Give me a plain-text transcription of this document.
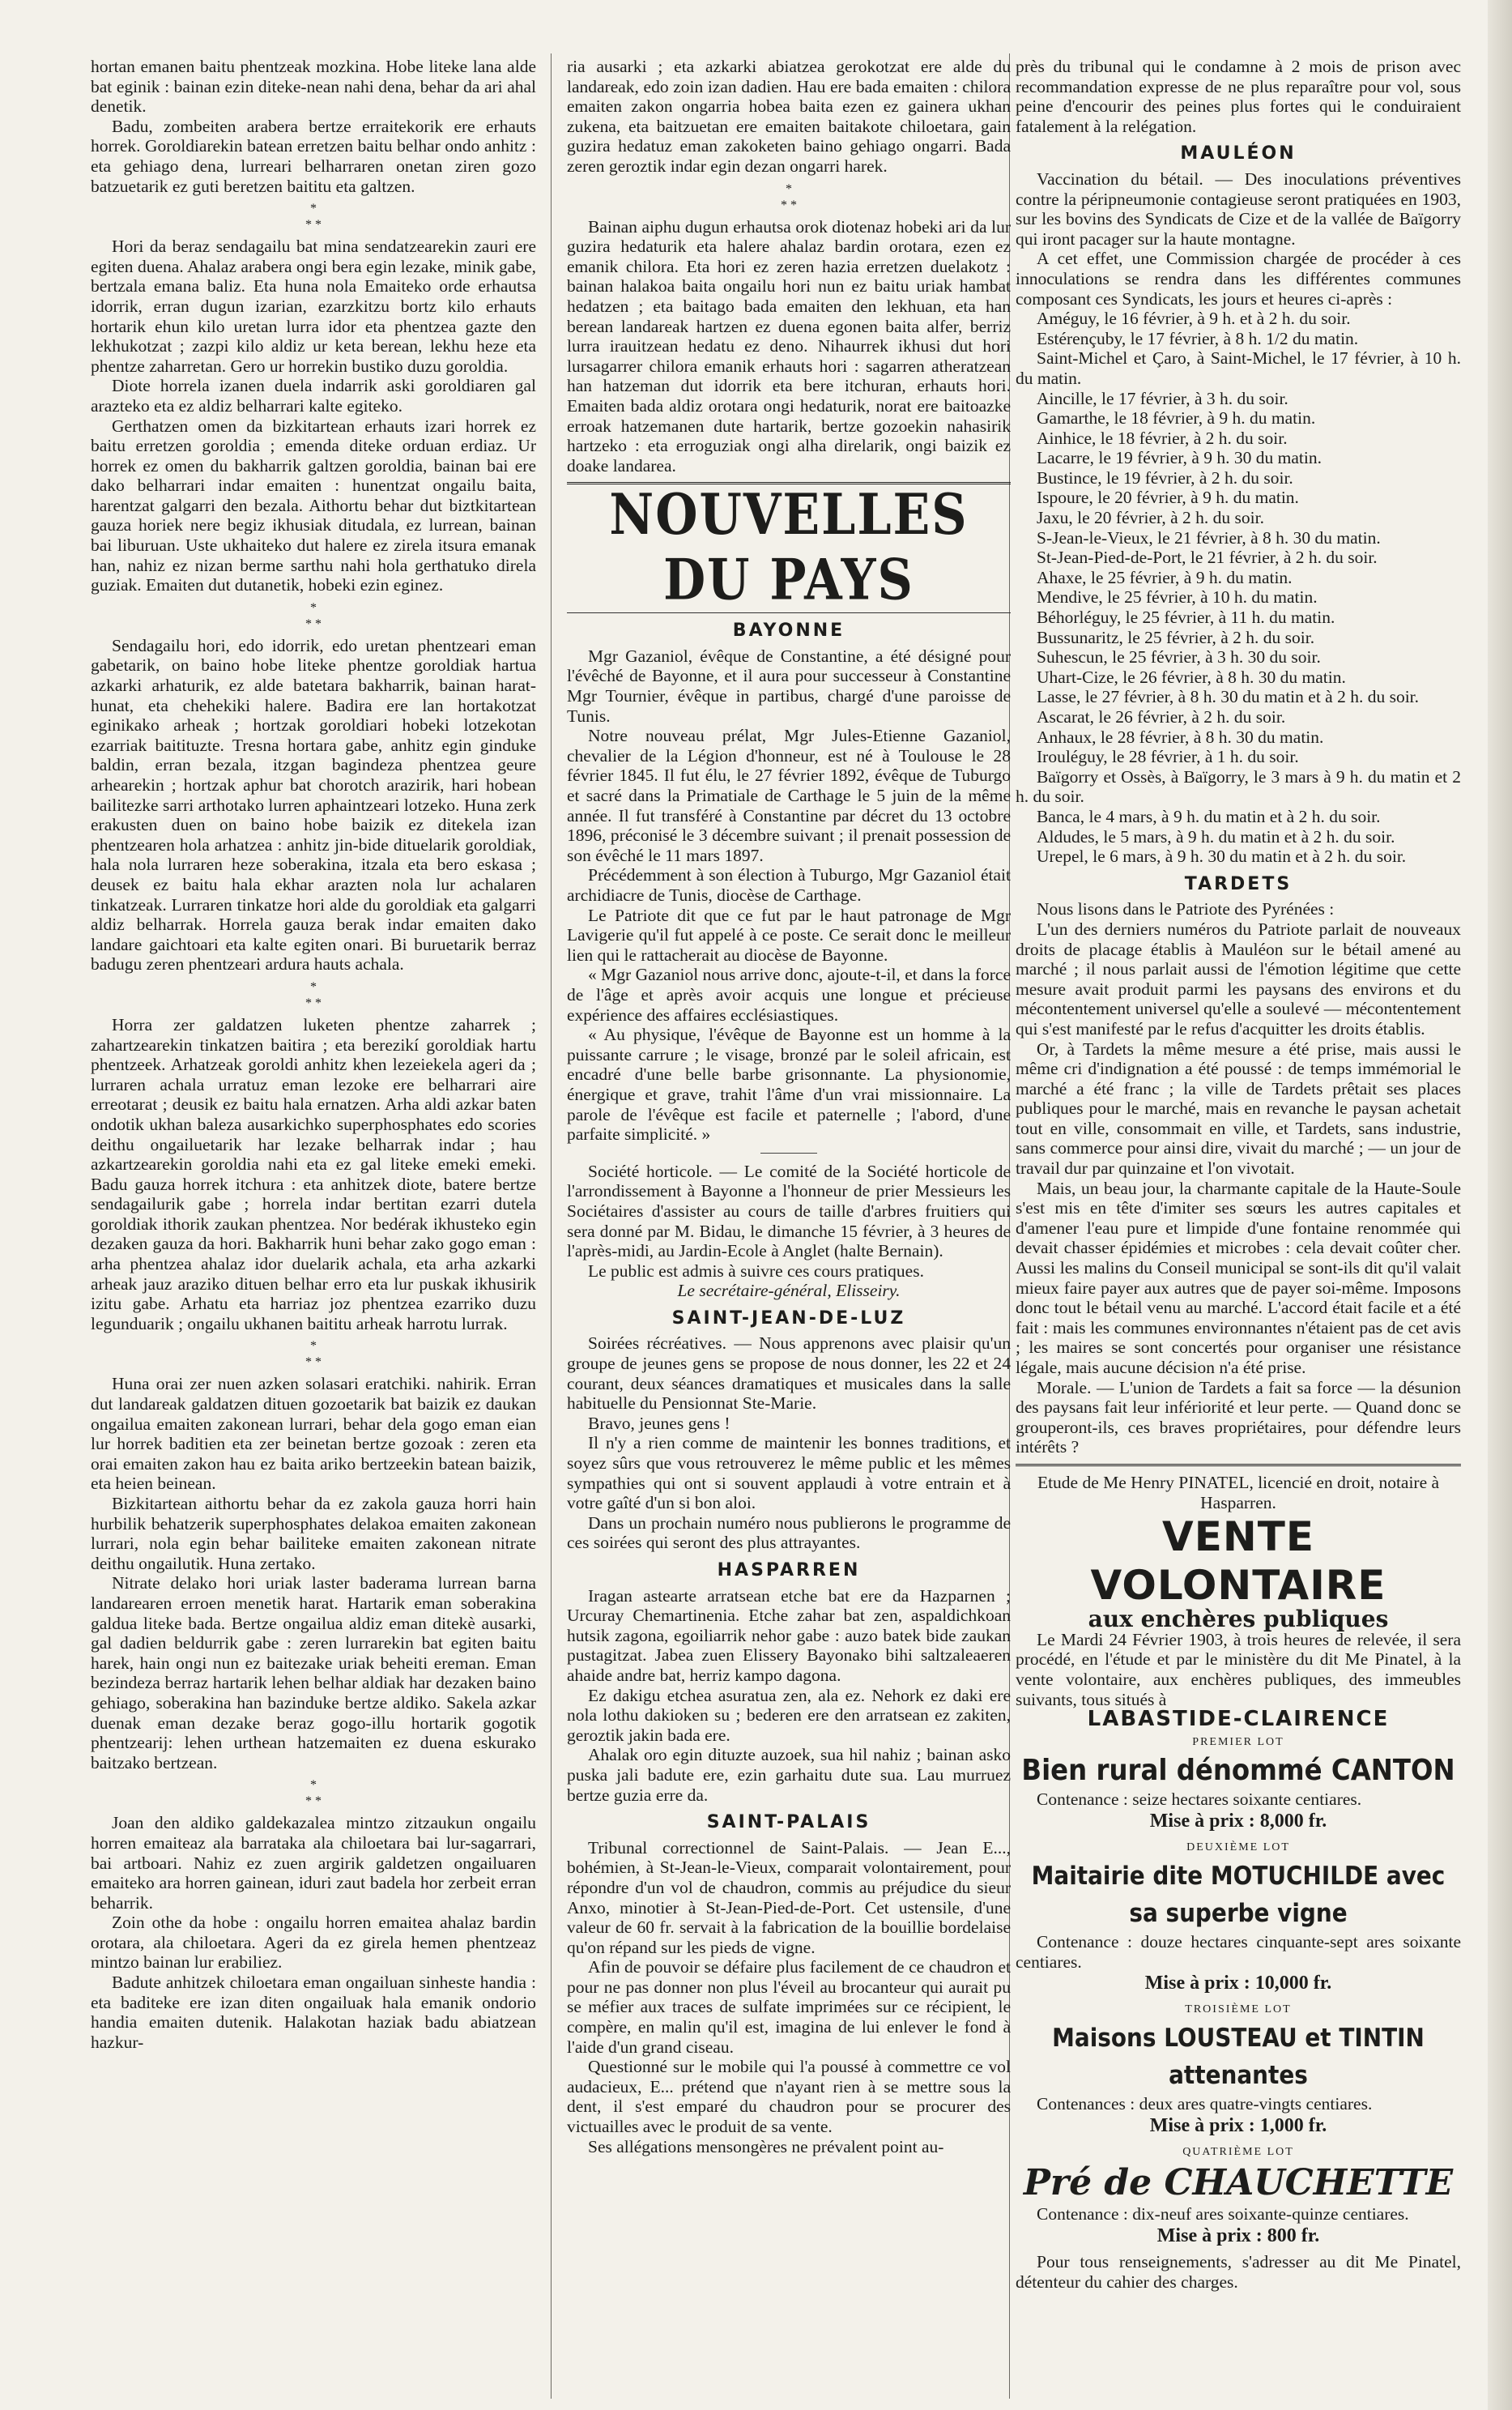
hortan emanen baitu phentzeak mozkina. Hobe liteke lana alde bat eginik : bainan ezin diteke-nean nahi dena, behar da ari ahal denetik.

Badu, zombeiten arabera bertze erraitekorik ere erhauts horrek. Goroldiarekin batean erretzen baitu belhar ondo anhitz : eta gehiago dena, lurreari belharraren onetan ziren gozo batzuetarik ez guti beretzen baititu eta galtzen.

*
* *

Hori da beraz sendagailu bat mina sendatzearekin zauri ere egiten duena. Ahalaz arabera ongi bera egin lezake, minik gabe, bertzala emana baliz. Eta huna nola Emaiteko orde erhautsa idorrik, erran dugun izarian, ezarzkitzu bortz kilo erhauts hortarik ehun kilo uretan lurra idor eta phentzea gazte den lekhukotzat ; zazpi kilo aldiz ur keta berean, lekhu heze eta phentze zaharretan. Gero ur horrekin bustiko duzu goroldia.

Diote horrela izanen duela indarrik aski goroldiaren gal arazteko eta ez aldiz belharrari kalte egiteko.

Gerthatzen omen da bizkitartean erhauts izari horrek ez baitu erretzen goroldia ; emenda diteke orduan erdiaz. Ur horrek ez omen du bakharrik galtzen goroldia, bainan bai ere dako belharrari indar emaiten : hunentzat ongailu baita, harentzat galgarri den bezala. Aithortu behar dut biztkitartean gauza horiek nere begiz ikhusiak ditudala, ez lurrean, bainan bai liburuan. Uste ukhaiteko dut halere ez zirela itsura emanak han, nahiz ez nizan berme sarthu nahi hola gerthatuko direla guziak. Emaiten dut dutanetik, hobeki ezin eginez.

*
* *

Sendagailu hori, edo idorrik, edo uretan phentzeari eman gabetarik, on baino hobe liteke phentze goroldiak hartua azkarki arhaturik, ez alde batetara bakharrik, bainan harat-hunat, eta chehekiki halere. Badira ere lan hortakotzat eginikako arheak ; hortzak goroldiari hobeki lotzekotan ezarriak baitituzte. Tresna hortara gabe, anhitz egin ginduke baldin, erran bezala, itzgan bagindeza phentzea geure arhearekin ; hortzak aphur bat chorotch arazirik, hari hobean bailitezke sarri arthotako lurren aphaintzeari lotzeko. Huna zerk erakusten duen on baino hobe baizik ez ditekela izan phentzearen hola arhatzea : anhitz jin-bide dituelarik goroldiak, hala nola lurraren heze soberakina, itzala eta bero eskasa ; deusek ez baitu hala ekhar arazten nola lur achalaren tinkatzeak. Lurraren tinkatze hori alde du goroldiak eta galgarri aldiz belharrak. Horrela gauza berak indar emaiten dako landare gaichtoari eta kalte egiten onari. Bi buruetarik berraz badugu zeren phentzeari ardura hauts achala.

*
* *

Horra zer galdatzen luketen phentze zaharrek ; zahartzearekin tinkatzen baitira ; eta berezikí goroldiak hartu phentzeek. Arhatzeak goroldi anhitz khen lezeiekela ageri da ; lurraren achala urratuz eman lezoke ere belharrari aire erreotarat ; deusik ez baitu hala ernatzen. Arha aldi azkar baten ondotik ukhan baleza ausarkichko superphosphates edo scories deithu ongailuetarik har lezake belharrak indar ; hau azkartzearekin goroldia nahi eta ez gal liteke emeki emeki. Badu gauza horrek itchura : eta anhitzek diote, batere bertze sendagailurik gabe ; horrela indar bertitan ezarri dutela goroldiak ithorik zaukan phentzea. Nor bedérak ikhusteko egin dezaken gauza da hori. Bakharrik huni behar zako gogo eman : arha phentzea ahalaz idor duelarik achala, eta arha azkarki arheak jauz araziko dituen belhar erro eta lur puskak ikhusirik izitu gabe. Arhatu eta harriaz joz phentzea ezarriko duzu legunduarik ; ongailu ukhanen baititu arheak harrotu lurrak.

*
* *

Huna orai zer nuen azken solasari eratchiki. nahirik. Erran dut landareak galdatzen dituen gozoetarik bat baizik ez daukan ongailua emaiten zakonean lurrari, behar dela gogo eman eian lur horrek baditien eta zer beinetan bertze gozoak : zeren eta orai emaiten zakon hau ez baita ariko bertzeekin batean baizik, eta heien beinean.

Bizkitartean aithortu behar da ez zakola gauza horri hain hurbilik behatzerik superphosphates delakoa emaiten zakonean lurrari, nola egin behar bailiteke emaiten zakonean nitrate deithu ongailutik. Huna zertako.

Nitrate delako hori uriak laster baderama lurrean barna landarearen erroen menetik harat. Hartarik eman soberakina galdua liteke bada. Bertze ongailua aldiz eman ditekè ausarki, gal dadien beldurrik gabe : zeren lurrarekin bat egiten baitu harek, hain ongi nun ez baitezake uriak beheiti ereman. Eman bezindeza berraz hartarik lehen belhar aldiak har dezaken baino gehiago, soberakina han bazinduke bertze aldiko. Sakela azkar duenak eman dezake beraz gogo-illu hortarik gogotik phentzearij: lehen urthean hatzemaiten ez duena eskurako baitzako bertzean.

*
* *

Joan den aldiko galdekazalea mintzo zitzaukun ongailu horren emaiteaz ala barrataka ala chiloetara bai lur-sagarrari, bai artboari. Nahiz ez zuen argirik galdetzen ongailuaren emaiteko ara horren gainean, iduri zaut badela hor zerbeit erran beharrik.

Zoin othe da hobe : ongailu horren emaitea ahalaz bardin orotara, ala chiloetara. Ageri da ez girela hemen phentzeaz mintzo bainan lur erabiliez.

Badute anhitzek chiloetara eman ongailuan sinheste handia : eta baditeke ere izan diten ongailuak hala emanik ondorio handia emaiten dutenik. Halakotan haziak badu abiatzean hazkur-

ria ausarki ; eta azkarki abiatzea gerokotzat ere alde du landareak, edo zoin izan dadien. Hau ere bada emaiten : chilora emaiten zakon ongarria hobea baita ezen ez gainera ukhan zukena, eta baitzuetan ere emaiten baitakote chiloetara, gain guzira hedatuz eman zakoketen baino gehiago ongarri. Bada zeren geroztik indar egin dezan ongarri harek.

*
* *

Bainan aiphu dugun erhautsa orok diotenaz hobeki ari da lur guzira hedaturik eta halere ahalaz bardin orotara, ezen ez emanik chilora. Eta hori ez zeren hazia erretzen duelakotz : bainan halakoa baita ongailu hori nun ez baitu uriak hambat hedatzen ; eta baitago bada emaiten den lekhuan, eta han berean landareak hartzen ez duena egonen baita alfer, berriz lurra irauitzean hedatu ez deno. Nihaurrek ikhusi dut hori lursagarrer chilora emanik erhauts hori : sagarren atheratzean han hatzeman dut idorrik eta bere itchuran, erhauts hori. Emaiten bada aldiz orotara ongi hedaturik, norat ere baitoazke erroak hatzemanen dute hartarik, bertze gozoekin nahasirik hartzeko : eta erroguziak ongi alha direlarik, ongi baizik ez doake landarea.

NOUVELLES DU PAYS
BAYONNE

Mgr Gazaniol, évêque de Constantine, a été désigné pour l'évêché de Bayonne, et il aura pour successeur à Constantine Mgr Tournier, évêque in partibus, chargé d'une paroisse de Tunis.

Notre nouveau prélat, Mgr Jules-Etienne Gazaniol, chevalier de la Légion d'honneur, est né à Toulouse le 28 février 1845. Il fut élu, le 27 février 1892, évêque de Tuburgo et sacré dans la Primatiale de Carthage le 5 juin de la même année. Il fut transféré à Constantine par décret du 13 octobre 1896, préconisé le 3 décembre suivant ; il prenait possession de son évêché le 11 mars 1897.

Précédemment à son élection à Tuburgo, Mgr Gazaniol était archidiacre de Tunis, diocèse de Carthage.

Le Patriote dit que ce fut par le haut patronage de Mgr Lavigerie qu'il fut appelé à ce poste. Ce serait donc le meilleur lien qui le rattacherait au diocèse de Bayonne.

« Mgr Gazaniol nous arrive donc, ajoute-t-il, et dans la force de l'âge et après avoir acquis une longue et précieuse expérience des affaires ecclésiastiques.

« Au physique, l'évêque de Bayonne est un homme à la puissante carrure ; le visage, bronzé par le soleil africain, est encadré d'une belle barbe grisonnante. La physionomie, énergique et grave, trahit l'âme d'un vrai missionnaire. La parole de l'évêque est facile et paternelle ; l'abord, d'une parfaite simplicité. »

Société horticole. — Le comité de la Société horticole de l'arrondissement à Bayonne a l'honneur de prier Messieurs les Sociétaires d'assister au cours de taille d'arbres fruitiers qui sera donné par M. Bidau, le dimanche 15 février, à 3 heures de l'après-midi, au Jardin-Ecole à Anglet (halte Bernain).

Le public est admis à suivre ces cours pratiques.

Le secrétaire-général, Elisseiry.

SAINT-JEAN-DE-LUZ

Soirées récréatives. — Nous apprenons avec plaisir qu'un groupe de jeunes gens se propose de nous donner, les 22 et 24 courant, deux séances dramatiques et musicales dans la salle habituelle du Pensionnat Ste-Marie.

Bravo, jeunes gens !

Il n'y a rien comme de maintenir les bonnes traditions, et soyez sûrs que vous retrouverez le même public et les mêmes sympathies qui ont si souvent applaudi à votre entrain et à votre gaîté d'un si bon aloi.

Dans un prochain numéro nous publierons le programme de ces soirées qui seront des plus attrayantes.

HASPARREN

Iragan astearte arratsean etche bat ere da Hazparnen ; Urcuray Chemartinenia. Etche zahar bat zen, aspaldichkoan hutsik zagona, egoiliarrik nehor gabe : auzo batek bide zaukan pustagitzat. Jabea zuen Elissery Bayonako bihi saltzaleaeren ahaide andre bat, herriz kampo dagona.

Ez dakigu etchea asuratua zen, ala ez. Nehork ez daki ere nola lothu dakioken su ; bederen ere den arratsean ez zakiten, geroztik jakin bada ere.

Ahalak oro egin dituzte auzoek, sua hil nahiz ; bainan asko puska jali badute ere, ezin garhaitu dute sua. Lau murruez bertze guzia erre da.

SAINT-PALAIS

Tribunal correctionnel de Saint-Palais. — Jean E..., bohémien, à St-Jean-le-Vieux, comparait volontairement, pour répondre d'un vol de chaudron, commis au préjudice du sieur Anxo, minotier à St-Jean-Pied-de-Port. Cet ustensile, d'une valeur de 60 fr. servait à la fabrication de la bouillie bordelaise qu'on répand sur les pieds de vigne.

Afin de pouvoir se défaire plus facilement de ce chaudron et pour ne pas donner non plus l'éveil au brocanteur qui aurait pu se méfier aux traces de sulfate imprimées sur ce récipient, le compère, en malin qu'il est, imagina de lui enlever le fond à l'aide d'un grand ciseau.

Questionné sur le mobile qui l'a poussé à commettre ce vol audacieux, E... prétend que n'ayant rien à se mettre sous la dent, il s'est emparé du chaudron pour se procurer des victuailles avec le produit de sa vente.

Ses allégations mensongères ne prévalent point au-

près du tribunal qui le condamne à 2 mois de prison avec recommandation expresse de ne plus reparaître pour vol, sous peine d'encourir des peines plus fortes qui le conduiraient fatalement à la relégation.

MAULÉON

Vaccination du bétail. — Des inoculations préventives contre la péripneumonie contagieuse seront pratiquées en 1903, sur les bovins des Syndicats de Cize et de la vallée de Baïgorry qui iront pacager sur la haute montagne.

A cet effet, une Commission chargée de procéder à ces innoculations se rendra dans les différentes communes composant ces Syndicats, les jours et heures ci-après :

Améguy, le 16 février, à 9 h. et à 2 h. du soir.

Estérençuby, le 17 février, à 8 h. 1/2 du matin.

Saint-Michel et Çaro, à Saint-Michel, le 17 février, à 10 h. du matin.

Aincille, le 17 février, à 3 h. du soir.

Gamarthe, le 18 février, à 9 h. du matin.

Ainhice, le 18 février, à 2 h. du soir.

Lacarre, le 19 février, à 9 h. 30 du matin.

Bustince, le 19 février, à 2 h. du soir.

Ispoure, le 20 février, à 9 h. du matin.

Jaxu, le 20 février, à 2 h. du soir.

S-Jean-le-Vieux, le 21 février, à 8 h. 30 du matin.

St-Jean-Pied-de-Port, le 21 février, à 2 h. du soir.

Ahaxe, le 25 février, à 9 h. du matin.

Mendive, le 25 février, à 10 h. du matin.

Béhorléguy, le 25 février, à 11 h. du matin.

Bussunaritz, le 25 février, à 2 h. du soir.

Suhescun, le 25 février, à 3 h. 30 du soir.

Uhart-Cize, le 26 février, à 8 h. 30 du matin.

Lasse, le 27 février, à 8 h. 30 du matin et à 2 h. du soir.

Ascarat, le 26 février, à 2 h. du soir.

Anhaux, le 28 février, à 8 h. 30 du matin.

Irouléguy, le 28 février, à 1 h. du soir.

Baïgorry et Ossès, à Baïgorry, le 3 mars à 9 h. du matin et 2 h. du soir.

Banca, le 4 mars, à 9 h. du matin et à 2 h. du soir.

Aldudes, le 5 mars, à 9 h. du matin et à 2 h. du soir.

Urepel, le 6 mars, à 9 h. 30 du matin et à 2 h. du soir.

TARDETS

Nous lisons dans le Patriote des Pyrénées :

L'un des derniers numéros du Patriote parlait de nouveaux droits de placage établis à Mauléon sur le bétail amené au marché ; il nous parlait aussi de l'émotion légitime que cette mesure avait produit parmi les paysans des environs et du mécontentement universel qu'elle a soulevé — mécontentement qui s'est manifesté par le refus d'acquitter les droits établis.

Or, à Tardets la même mesure a été prise, mais aussi le même cri d'indignation a été poussé : de temps immémorial le marché a été franc ; la ville de Tardets prêtait ses places publiques pour le marché, mais en revanche le paysan achetait tout en ville, consommait en ville, et Tardets, sans industrie, sans commerce pour ainsi dire, vivait du marché ; — un jour de travail dur par quinzaine et l'on vivotait.

Mais, un beau jour, la charmante capitale de la Haute-Soule s'est mis en tête d'imiter ses sœurs les autres capitales et d'amener l'eau pure et limpide d'une fontaine renommée qui devait chasser épidémies et microbes : cela devait coûter cher. Aussi les malins du Conseil municipal se sont-ils dit qu'il valait mieux faire payer aux autres que de payer soi-même. Imposons donc tout le bétail venu au marché. L'accord était facile et a été fait : mais les communes environnantes n'étaient pas de cet avis ; les maires se sont concertés pour organiser une résistance légale, mais aucune décision n'a été prise.

Morale. — L'union de Tardets a fait sa force — la désunion des paysans fait leur infériorité et leur perte. — Quand donc se grouperont-ils, ces braves propriétaires, pour défendre leurs intérêts ?

Etude de Me Henry PINATEL, licencié en droit, notaire à Hasparren.

VENTE VOLONTAIRE
aux enchères publiques

Le Mardi 24 Février 1903, à trois heures de relevée, il sera procédé, en l'étude et par le ministère du dit Me Pinatel, à la vente volontaire, aux enchères publiques, des immeubles suivants, tous situés à

LABASTIDE-CLAIRENCE
PREMIER LOT
Bien rural dénommé CANTON

Contenance : seize hectares soixante centiares.

Mise à prix : 8,000 fr.
DEUXIÈME LOT
Maitairie dite MOTUCHILDE avec sa superbe vigne

Contenance : douze hectares cinquante-sept ares soixante centiares.

Mise à prix : 10,000 fr.
TROISIÈME LOT
Maisons LOUSTEAU et TINTIN attenantes

Contenances : deux ares quatre-vingts centiares.

Mise à prix : 1,000 fr.
QUATRIÈME LOT
Pré de CHAUCHETTE

Contenance : dix-neuf ares soixante-quinze centiares.

Mise à prix : 800 fr.

Pour tous renseignements, s'adresser au dit Me Pinatel, détenteur du cahier des charges.
